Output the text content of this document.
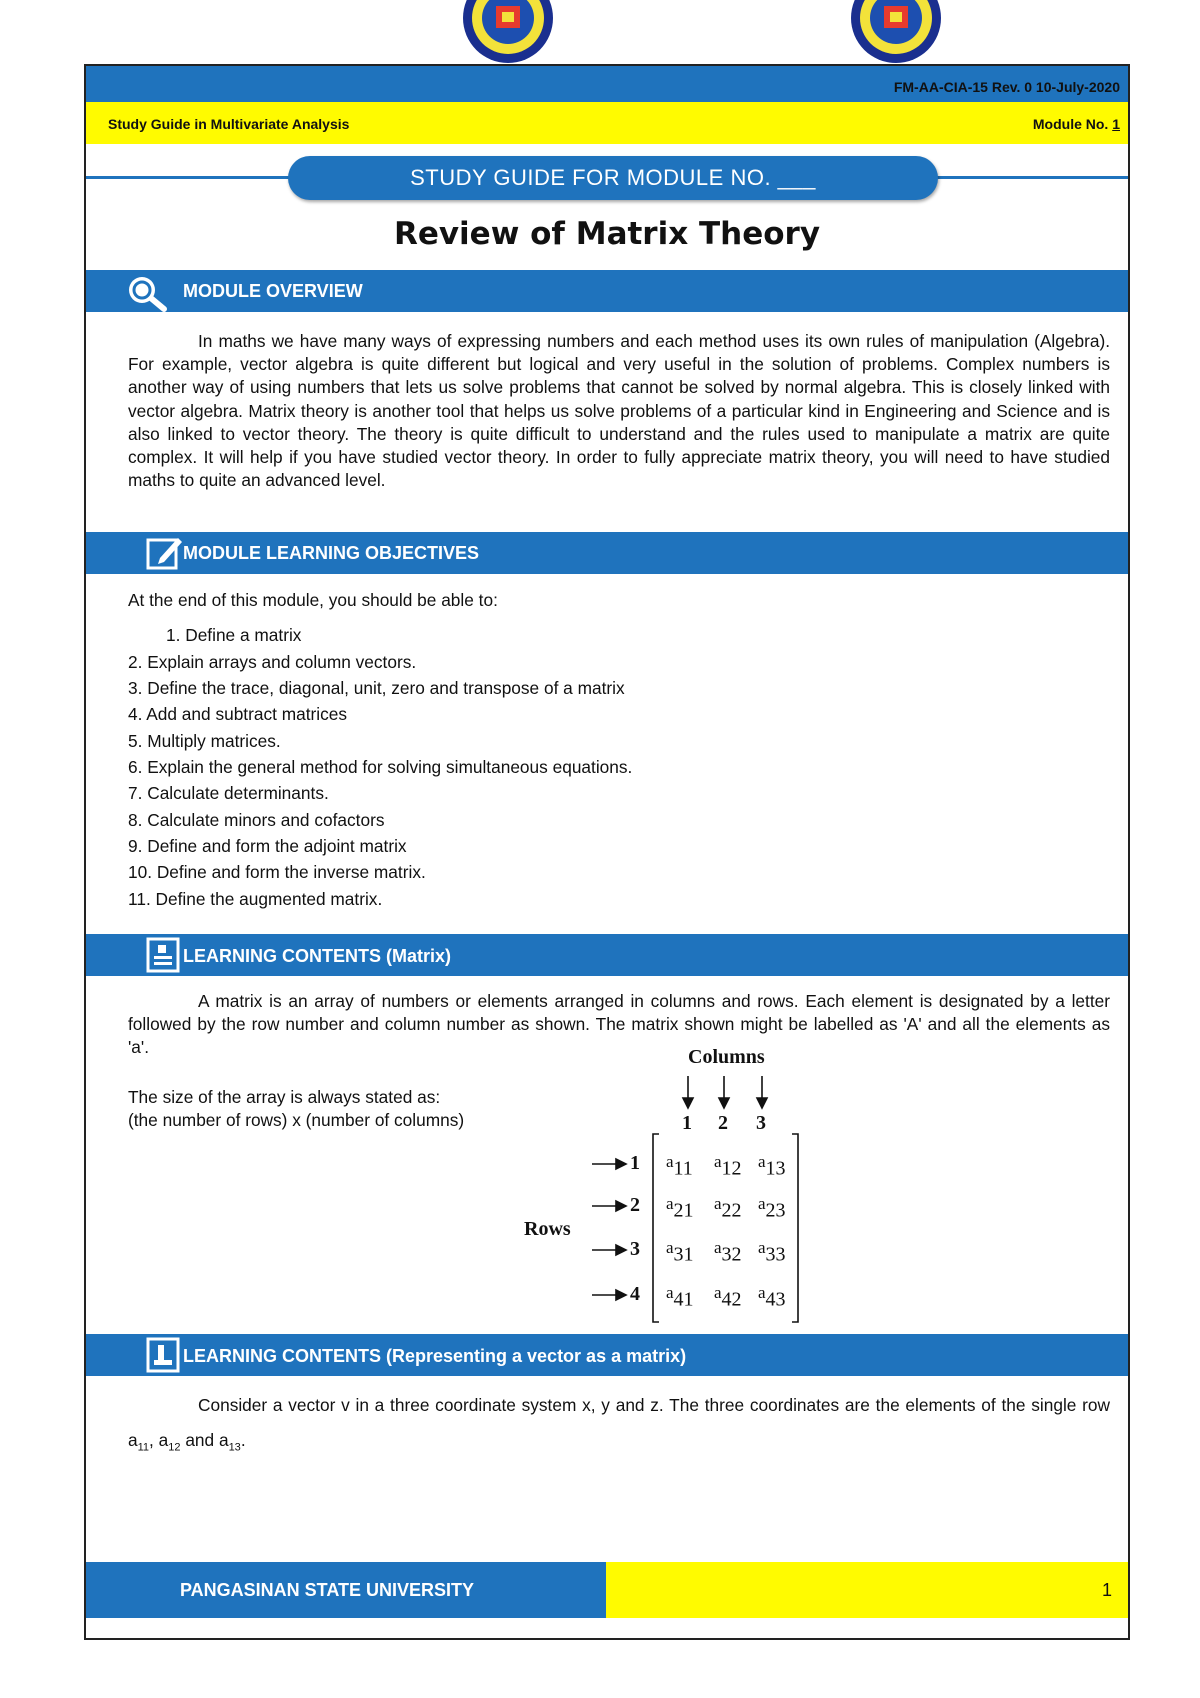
FM-AA-CIA-15 Rev. 0 10-July-2020
Study Guide in Multivariate Analysis	Module No. 1
STUDY GUIDE FOR MODULE NO. ___
Review of Matrix Theory
MODULE OVERVIEW
In maths we have many ways of expressing numbers and each method uses its own rules of manipulation (Algebra). For example, vector algebra is quite different but logical and very useful in the solution of problems. Complex numbers is another way of using numbers that lets us solve problems that cannot be solved by normal algebra. This is closely linked with vector algebra. Matrix theory is another tool that helps us solve problems of a particular kind in Engineering and Science and is also linked to vector theory. The theory is quite difficult to understand and the rules used to manipulate a matrix are quite complex. It will help if you have studied vector theory. In order to fully appreciate matrix theory, you will need to have studied maths to quite an advanced level.
MODULE LEARNING OBJECTIVES
At the end of this module, you should be able to:
1. Define a matrix
2. Explain arrays and column vectors.
3. Define the trace, diagonal, unit, zero and transpose of a matrix
4. Add and subtract matrices
5. Multiply matrices.
6. Explain the general method for solving simultaneous equations.
7. Calculate determinants.
8. Calculate minors and cofactors
9. Define and form the adjoint matrix
10. Define and form the inverse matrix.
11. Define the augmented matrix.
LEARNING CONTENTS (Matrix)
A matrix is an array of numbers or elements arranged in columns and rows. Each element is designated by a letter followed by the row number and column number as shown. The matrix shown might be labelled as 'A' and all the elements as 'a'.
The size of the array is always stated as:
(the number of rows) x (number of columns)
Columns
1 2 3
Rows
1
2
3
4
$^a$11 $^a$12 $^a$13
$^a$21 $^a$22 $^a$23
$^a$31 $^a$32 $^a$33
$^a$41 $^a$42 $^a$43
LEARNING CONTENTS (Representing a vector as a matrix)
Consider a vector v in a three coordinate system x, y and z. The three coordinates are the elements of the single row $a_{11}$, $a_{12}$ and $a_{13}$.
PANGASINAN STATE UNIVERSITY	1
